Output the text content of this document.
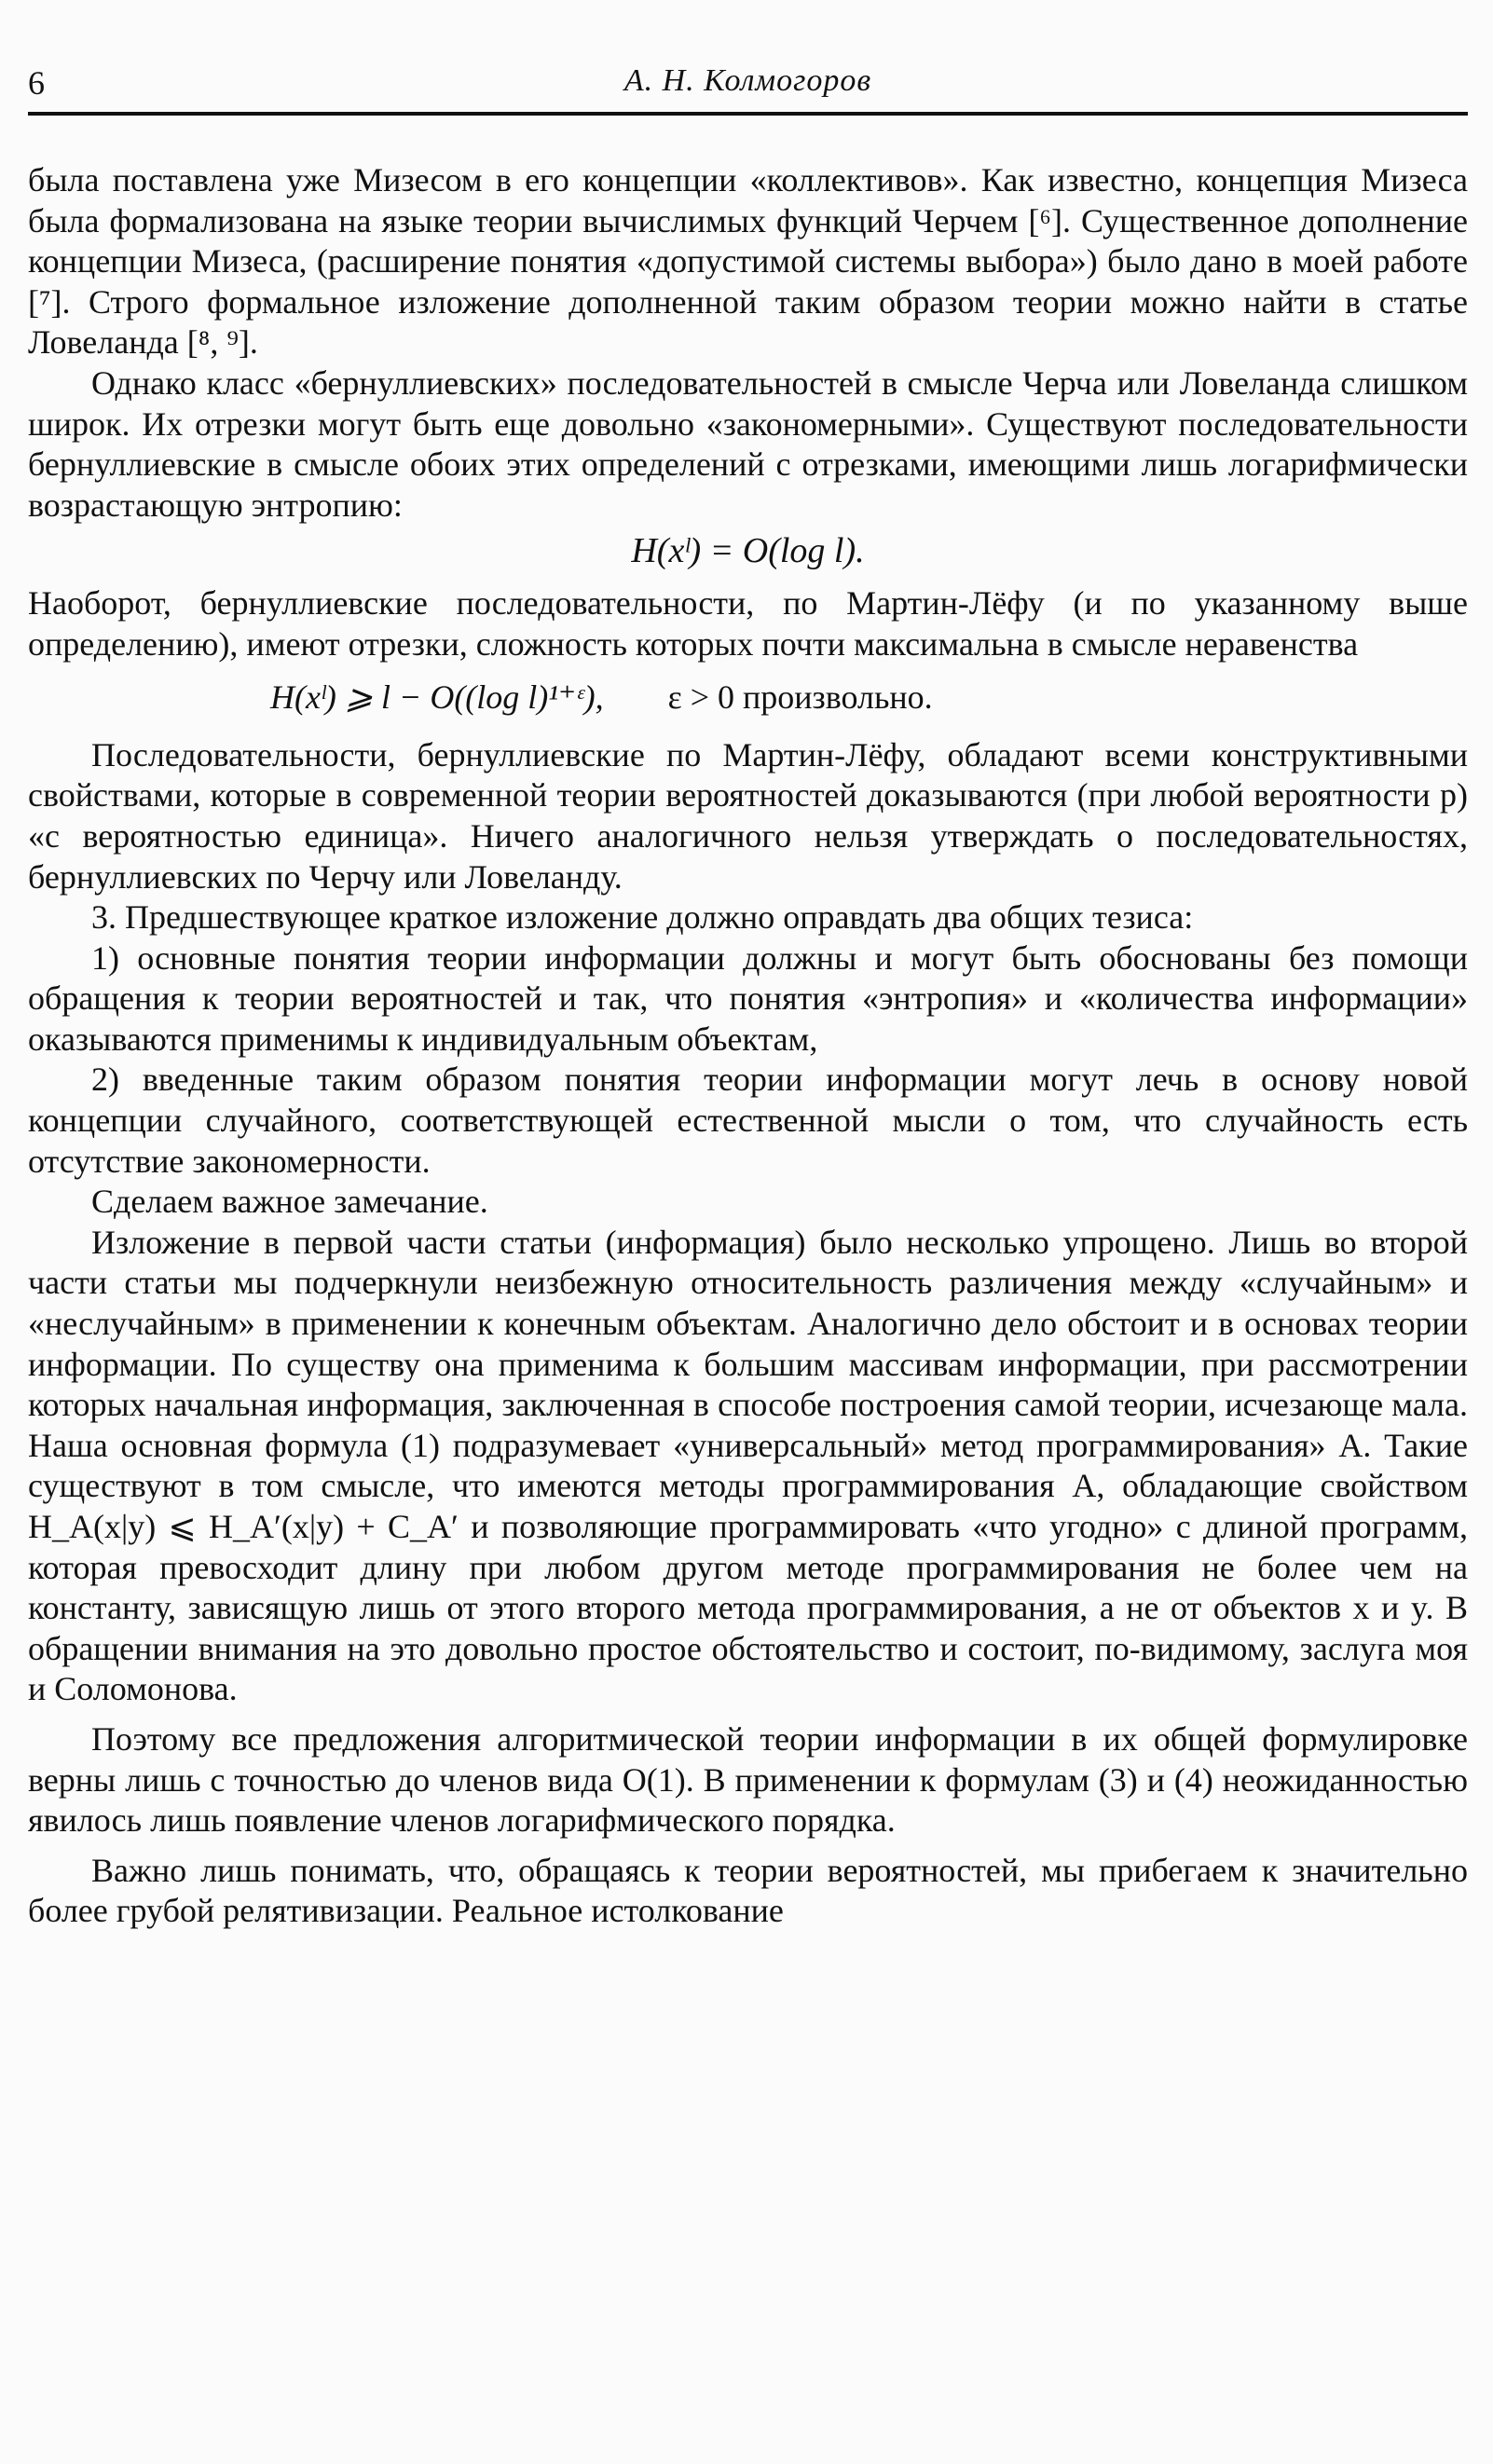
6	А. Н. Колмогоров

была поставлена уже Мизесом в его концепции «коллективов». Как известно, концепция Мизеса была формализована на языке теории вычислимых функций Черчем [⁶]. Существенное дополнение концепции Мизеса, (расширение понятия «допустимой системы выбора») было дано в моей работе [⁷]. Строго формальное изложение дополненной таким образом теории можно найти в статье Ловеланда [⁸, ⁹].

Однако класс «бернуллиевских» последовательностей в смысле Черча или Ловеланда слишком широк. Их отрезки могут быть еще довольно «закономерными». Существуют последовательности бернуллиевские в смысле обоих этих определений с отрезками, имеющими лишь логарифмически возрастающую энтропию:

H(xˡ) = O(log l).

Наоборот, бернуллиевские последовательности, по Мартин-Лёфу (и по указанному выше определению), имеют отрезки, сложность которых почти максимальна в смысле неравенства

H(xˡ) ⩾ l − O((log l)¹⁺ᵋ), ε > 0 произвольно.

Последовательности, бернуллиевские по Мартин-Лёфу, обладают всеми конструктивными свойствами, которые в современной теории вероятностей доказываются (при любой вероятности p) «с вероятностью единица». Ничего аналогичного нельзя утверждать о последовательностях, бернуллиевских по Черчу или Ловеланду.

3. Предшествующее краткое изложение должно оправдать два общих тезиса:

1) основные понятия теории информации должны и могут быть обоснованы без помощи обращения к теории вероятностей и так, что понятия «энтропия» и «количества информации» оказываются применимы к индивидуальным объектам,

2) введенные таким образом понятия теории информации могут лечь в основу новой концепции случайного, соответствующей естественной мысли о том, что случайность есть отсутствие закономерности.

Сделаем важное замечание.

Изложение в первой части статьи (информация) было несколько упрощено. Лишь во второй части статьи мы подчеркнули неизбежную относительность различения между «случайным» и «неслучайным» в применении к конечным объектам. Аналогично дело обстоит и в основах теории информации. По существу она применима к большим массивам информации, при рассмотрении которых начальная информация, заключенная в способе построения самой теории, исчезающе мала. Наша основная формула (1) подразумевает «универсальный» метод программирования» A. Такие существуют в том смысле, что имеются методы программирования A, обладающие свойством H_A(x|y) ⩽ H_A′(x|y) + C_A′ и позволяющие программировать «что угодно» с длиной программ, которая превосходит длину при любом другом методе программирования не более чем на константу, зависящую лишь от этого второго метода программирования, а не от объектов x и y. В обращении внимания на это довольно простое обстоятельство и состоит, по-видимому, заслуга моя и Соломонова.

Поэтому все предложения алгоритмической теории информации в их общей формулировке верны лишь с точностью до членов вида O(1). В применении к формулам (3) и (4) неожиданностью явилось лишь появление членов логарифмического порядка.

Важно лишь понимать, что, обращаясь к теории вероятностей, мы прибегаем к значительно более грубой релятивизации. Реальное истолкование
